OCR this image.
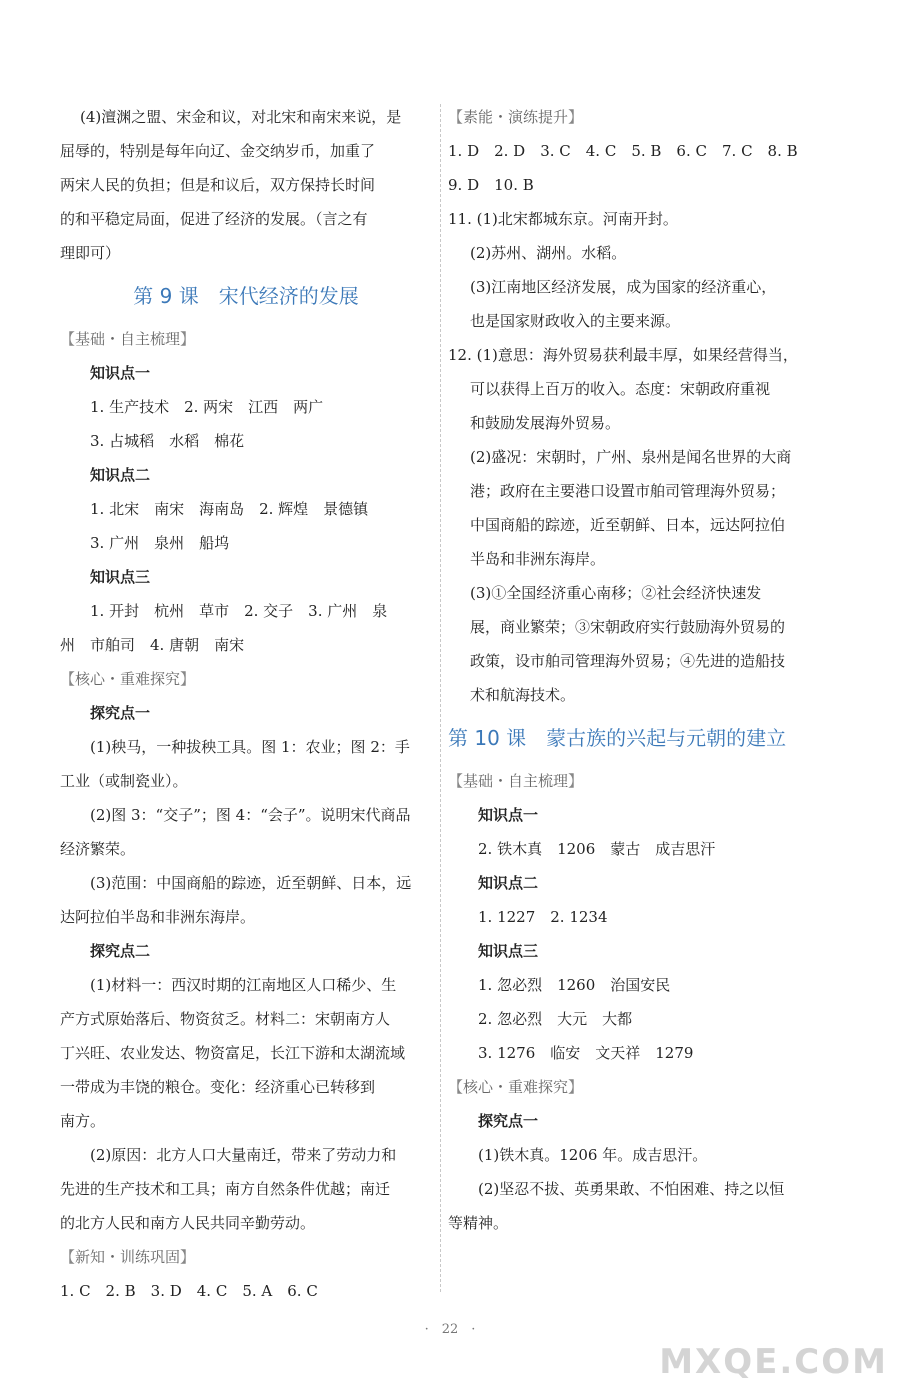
(4)澶渊之盟、宋金和议，对北宋和南宋来说，是
屈辱的，特别是每年向辽、金交纳岁币，加重了
两宋人民的负担；但是和议后，双方保持长时间
的和平稳定局面，促进了经济的发展。（言之有
理即可）
第 9 课　宋代经济的发展
【基础・自主梳理】
知识点一
1. 生产技术　2. 两宋　江西　两广
3. 占城稻　水稻　棉花
知识点二
1. 北宋　南宋　海南岛　2. 辉煌　景德镇
3. 广州　泉州　船坞
知识点三
1. 开封　杭州　草市　2. 交子　3. 广州　泉
州　市舶司　4. 唐朝　南宋
【核心・重难探究】
探究点一
(1)秧马，一种拔秧工具。图 1：农业；图 2：手
工业（或制瓷业）。
(2)图 3：“交子”；图 4：“会子”。说明宋代商品
经济繁荣。
(3)范围：中国商船的踪迹，近至朝鲜、日本，远
达阿拉伯半岛和非洲东海岸。
探究点二
(1)材料一：西汉时期的江南地区人口稀少、生
产方式原始落后、物资贫乏。材料二：宋朝南方人
丁兴旺、农业发达、物资富足，长江下游和太湖流域
一带成为丰饶的粮仓。变化：经济重心已转移到
南方。
(2)原因：北方人口大量南迁，带来了劳动力和
先进的生产技术和工具；南方自然条件优越；南迁
的北方人民和南方人民共同辛勤劳动。
【新知・训练巩固】
1. C　2. B　3. D　4. C　5. A　6. C
【素能・演练提升】
1. D　2. D　3. C　4. C　5. B　6. C　7. C　8. B
9. D　10. B
11. (1)北宋都城东京。河南开封。
(2)苏州、湖州。水稻。
(3)江南地区经济发展，成为国家的经济重心，
也是国家财政收入的主要来源。
12. (1)意思：海外贸易获利最丰厚，如果经营得当，
可以获得上百万的收入。态度：宋朝政府重视
和鼓励发展海外贸易。
(2)盛况：宋朝时，广州、泉州是闻名世界的大商
港；政府在主要港口设置市舶司管理海外贸易；
中国商船的踪迹，近至朝鲜、日本，远达阿拉伯
半岛和非洲东海岸。
(3)①全国经济重心南移；②社会经济快速发
展，商业繁荣；③宋朝政府实行鼓励海外贸易的
政策，设市舶司管理海外贸易；④先进的造船技
术和航海技术。
第 10 课　蒙古族的兴起与元朝的建立
【基础・自主梳理】
知识点一
2. 铁木真　1206　蒙古　成吉思汗
知识点二
1. 1227　2. 1234
知识点三
1. 忽必烈　1260　治国安民
2. 忽必烈　大元　大都
3. 1276　临安　文天祥　1279
【核心・重难探究】
探究点一
(1)铁木真。1206 年。成吉思汗。
(2)坚忍不拔、英勇果敢、不怕困难、持之以恒
等精神。
·　22　·
MXQE.COM
